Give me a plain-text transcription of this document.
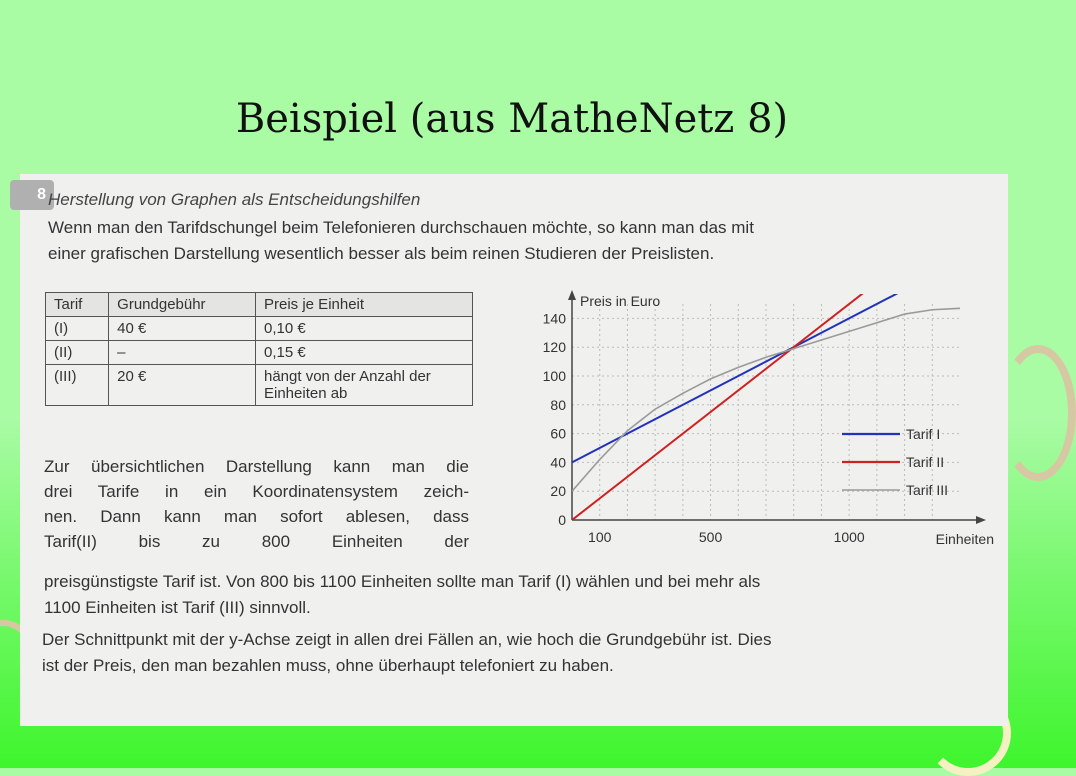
Beispiel (aus MatheNetz 8)
8 Herstellung von Graphen als Entscheidungshilfen
Wenn man den Tarifdschungel beim Telefonieren durchschauen möchte, so kann man das mit
einer grafischen Darstellung wesentlich besser als beim reinen Studieren der Preislisten.
Tarif	Grundgebühr	Preis je Einheit
(I)	40 €	0,10 €
(II)	–	0,15 €
(III)	20 €	hängt von der Anzahl der Einheiten ab
Zur übersichtlichen Darstellung kann man die
drei Tarife in ein Koordinatensystem zeich-
nen. Dann kann man sofort ablesen, dass
Tarif(II) bis zu 800 Einheiten der
preisgünstigste Tarif ist. Von 800 bis 1100 Einheiten sollte man Tarif (I) wählen und bei mehr als
1100 Einheiten ist Tarif (III) sinnvoll.
Der Schnittpunkt mit der y-Achse zeigt in allen drei Fällen an, wie hoch die Grundgebühr ist. Dies
ist der Preis, den man bezahlen muss, ohne überhaupt telefoniert zu haben.
0
20
40
60
80
100
120
140
100	500	1000
Preis in Euro
Einheiten
Tarif I
Tarif II
Tarif III
